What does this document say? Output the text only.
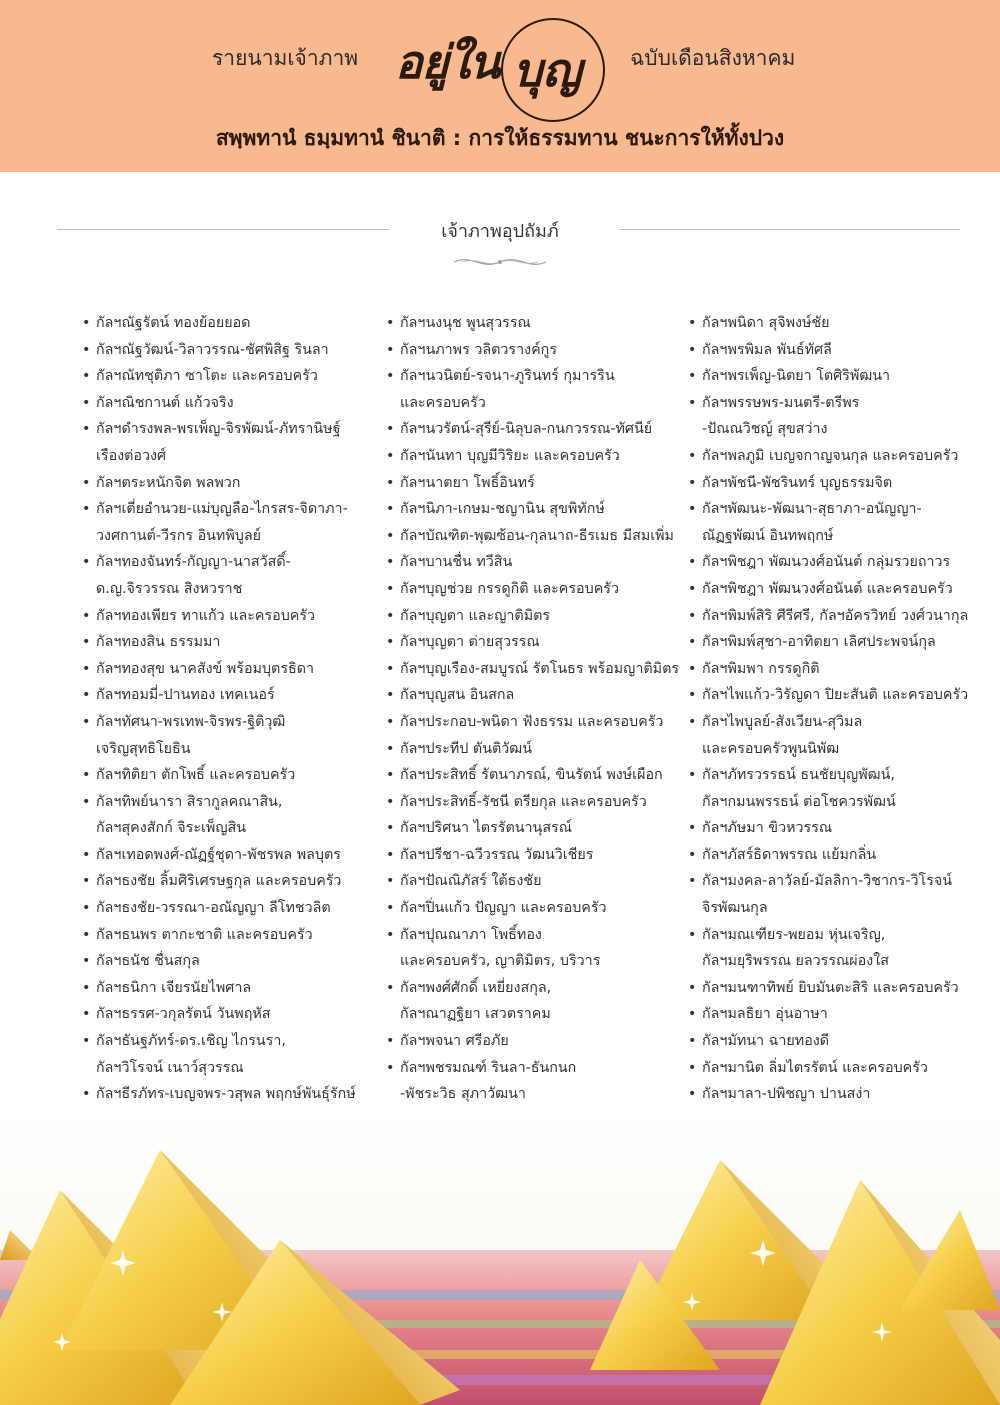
รายนามเจ้าภาพ อยู่ใน บุญ ฉบับเดือนสิงหาคม
สพฺพทานํ ธมฺมทานํ ชินาติ : การให้ธรรมทาน ชนะการให้ทั้งปวง
เจ้าภาพอุปถัมภ์
• กัลฯณัฐรัตน์ ทองย้อยยอด
• กัลฯณัฐวัฒน์-วิลาวรรณ-ชัศพิสิฐ รินลา
• กัลฯณัทชุติภา ซาโตะ และครอบครัว
• กัลฯณิชกานต์ แก้วจริง
• กัลฯดำรงพล-พรเพ็ญ-จิรพัฒน์-ภัทรานิษฐ์
เรืองต่อวงศ์
• กัลฯตระหนักจิต พลพวก
• กัลฯเตี่ยอำนวย-แม่บุญลือ-ไกรสร-จิดาภา-
วงศกานต์-วีรกร อินทพิบูลย์
• กัลฯทองจันทร์-กัญญา-นาสวัสดิ์-
ด.ญ.จิรวรรณ สิงหวราช
• กัลฯทองเพียร ทาแก้ว และครอบครัว
• กัลฯทองสิน ธรรมมา
• กัลฯทองสุข นาคสังข์ พร้อมบุตรธิดา
• กัลฯทอมมี่-ปานทอง เทคเนอร์
• กัลฯทัศนา-พรเทพ-จิรพร-ฐิติวุฒิ
เจริญสุทธิโยธิน
• กัลฯทิติยา ตักโพธิ์ และครอบครัว
• กัลฯทิพย์นารา สิรากูลคณาสิน,
กัลฯสุคงสักก์ จิระเพ็ญสิน
• กัลฯเทอดพงศ์-ณัฏฐ์ชุดา-พัชรพล พลบุตร
• กัลฯธงชัย ลิ้มศิริเศรษฐกุล และครอบครัว
• กัลฯธงชัย-วรรณา-อณัญญา ลีโทชวลิต
• กัลฯธนพร ตากะชาติ และครอบครัว
• กัลฯธนัช ชื่นสกุล
• กัลฯธนิกา เจียรนัยไพศาล
• กัลฯธรรศ-วกุลรัตน์ วันพฤหัส
• กัลฯธันฐภัทร์-ดร.เชิญ ไกรนรา,
กัลฯวิโรจน์ เนาว์สุวรรณ
• กัลฯธีรภัทร-เบญจพร-วสุพล พฤกษ์พันธุ์รักษ์
• กัลฯนงนุช พูนสุวรรณ
• กัลฯนภาพร วลิตวรางค์กูร
• กัลฯนวนิตย์-รจนา-ภูรินทร์ กุมารริน
และครอบครัว
• กัลฯนวรัตน์-สุรีย์-นิลุบล-กนกวรรณ-ทัศนีย์
• กัลฯนันทา บุญมีวิริยะ และครอบครัว
• กัลฯนาตยา โพธิ์อินทร์
• กัลฯนิภา-เกษม-ชญานิน สุขพิทักษ์
• กัลฯบัณฑิต-พุฒซ้อน-กุลนาถ-ธีรเมธ มีสมเพิ่ม
• กัลฯบานชื่น ทวีสิน
• กัลฯบุญช่วย กรรดูกิติ และครอบครัว
• กัลฯบุญตา และญาติมิตร
• กัลฯบุญตา ต่ายสุวรรณ
• กัลฯบุญเรือง-สมบูรณ์ รัตโนธร พร้อมญาติมิตร
• กัลฯบุญสน อินสกล
• กัลฯประกอบ-พนิดา ฟังธรรม และครอบครัว
• กัลฯประทีป ตันติวัฒน์
• กัลฯประสิทธิ์ รัตนาภรณ์, ขินรัตน์ พงษ์เผือก
• กัลฯประสิทธิ์-รัชนี ตรียกุล และครอบครัว
• กัลฯปริศนา ไตรรัตนานุสรณ์
• กัลฯปรีชา-ฉวีวรรณ วัฒนวิเชียร
• กัลฯปัณณิภัสร์ ใต้ธงชัย
• กัลฯปิ่นแก้ว ปัญญา และครอบครัว
• กัลฯปุณณาภา โพธิ์ทอง
และครอบครัว, ญาติมิตร, บริวาร
• กัลฯพงศ์ศักดิ์ เหยี่ยงสกุล,
กัลฯณาฏฐิยา เสวตราคม
• กัลฯพจนา ศรีอภัย
• กัลฯพชรมณฑ์ รินลา-ธันกนก
-พัชระวิธ สุภาวัฒนา
• กัลฯพนิดา สุจิพงษ์ชัย
• กัลฯพรพิมล พันธ์ทัศลี
• กัลฯพรเพ็ญ-นิตยา โตศิริพัฒนา
• กัลฯพรรษพร-มนตรี-ตรีพร
-ปัณณวิชญ์ สุขสว่าง
• กัลฯพลภูมิ เบญจกาญจนกุล และครอบครัว
• กัลฯพัชนี-พัชรินทร์ บุญธรรมจิต
• กัลฯพัฒนะ-พัฒนา-สุธาภา-อนัญญา-
ณัฏฐพัฒน์ อินทพฤกษ์
• กัลฯพิชฎา พัฒนวงศ์อนันต์ กลุ่มรวยถาวร
• กัลฯพิชฎา พัฒนวงศ์อนันต์ และครอบครัว
• กัลฯพิมพ์สิริ ศีรีศรี, กัลฯอัครวิทย์ วงศ์วนากุล
• กัลฯพิมพ์สุชา-อาทิตยา เลิศประพจน์กุล
• กัลฯพิมพา กรรดูกิติ
• กัลฯไพแก้ว-วิรัญดา ปิยะสันติ และครอบครัว
• กัลฯไพบูลย์-สังเวียน-สุวิมล
และครอบครัวพูนนิพัฒ
• กัลฯภัทรวรรธน์ ธนชัยบุญพัฒน์,
กัลฯกมนพรรธน์ ต่อโชควรพัฒน์
• กัลฯภัษมา ขิวหวรรณ
• กัลฯภัสร์ธิดาพรรณ แย้มกลิ่น
• กัลฯมงคล-ลาวัลย์-มัลลิกา-วิชากร-วิโรจน์
จิรพัฒนกุล
• กัลฯมณเฑียร-พยอม หุ่นเจริญ,
กัลฯมยุริพรรณ ยลวรรณผ่องใส
• กัลฯมนฑาทิพย์ ยิบมันตะสิริ และครอบครัว
• กัลฯมลธิยา อุ่นอาษา
• กัลฯมัทนา ฉายทองดี
• กัลฯมานิต ลิ่มไตรรัตน์ และครอบครัว
• กัลฯมาลา-ปพิชญา ปานสง่า
